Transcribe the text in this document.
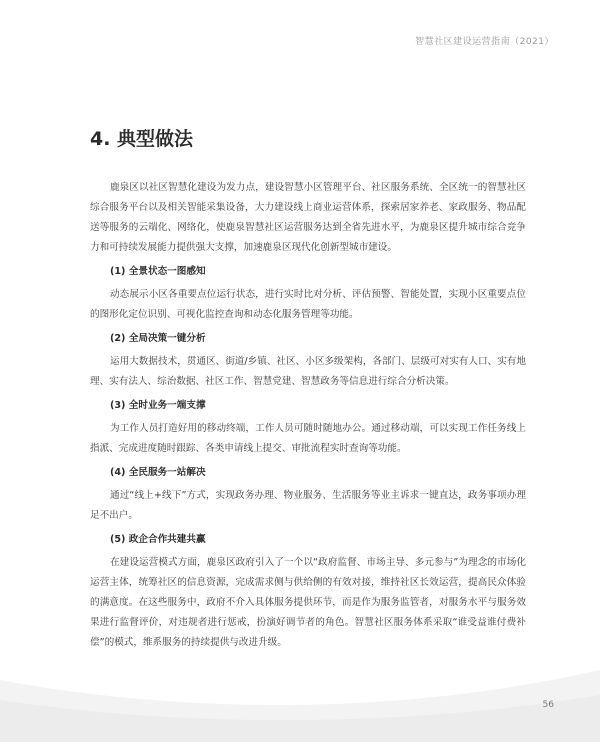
智慧社区建设运营指南（2021）
4. 典型做法

鹿泉区以社区智慧化建设为发力点，建设智慧小区管理平台、社区服务系统、全区统一的智慧社区综合服务平台以及相关智能采集设备，大力建设线上商业运营体系，探索居家养老、家政服务、物品配送等服务的云端化、网络化，使鹿泉智慧社区运营服务达到全省先进水平，为鹿泉区提升城市综合竞争力和可持续发展能力提供强大支撑，加速鹿泉区现代化创新型城市建设。

(1) 全景状态一图感知

动态展示小区各重要点位运行状态，进行实时比对分析、评估预警、智能处置，实现小区重要点位的图形化定位识别、可视化监控查询和动态化服务管理等功能。

(2) 全局决策一键分析

运用大数据技术，贯通区、街道/乡镇、社区、小区多级架构，各部门、层级可对实有人口、实有地理、实有法人、综治数据、社区工作、智慧党建、智慧政务等信息进行综合分析决策。

(3) 全时业务一端支撑

为工作人员打造好用的移动终端，工作人员可随时随地办公。通过移动端，可以实现工作任务线上指派、完成进度随时跟踪、各类申请线上提交、审批流程实时查询等功能。

(4) 全民服务一站解决

通过“线上+线下”方式，实现政务办理、物业服务、生活服务等业主诉求一键直达，政务事项办理足不出户。

(5) 政企合作共建共赢

在建设运营模式方面，鹿泉区政府引入了一个以“政府监督、市场主导、多元参与”为理念的市场化运营主体，统筹社区的信息资源，完成需求侧与供给侧的有效对接，维持社区长效运营，提高民众体验的满意度。在这些服务中，政府不介入具体服务提供环节，而是作为服务监管者，对服务水平与服务效果进行监督评价，对违规者进行惩戒，扮演好调节者的角色。智慧社区服务体系采取“谁受益谁付费补偿”的模式，维系服务的持续提供与改进升级。

56
